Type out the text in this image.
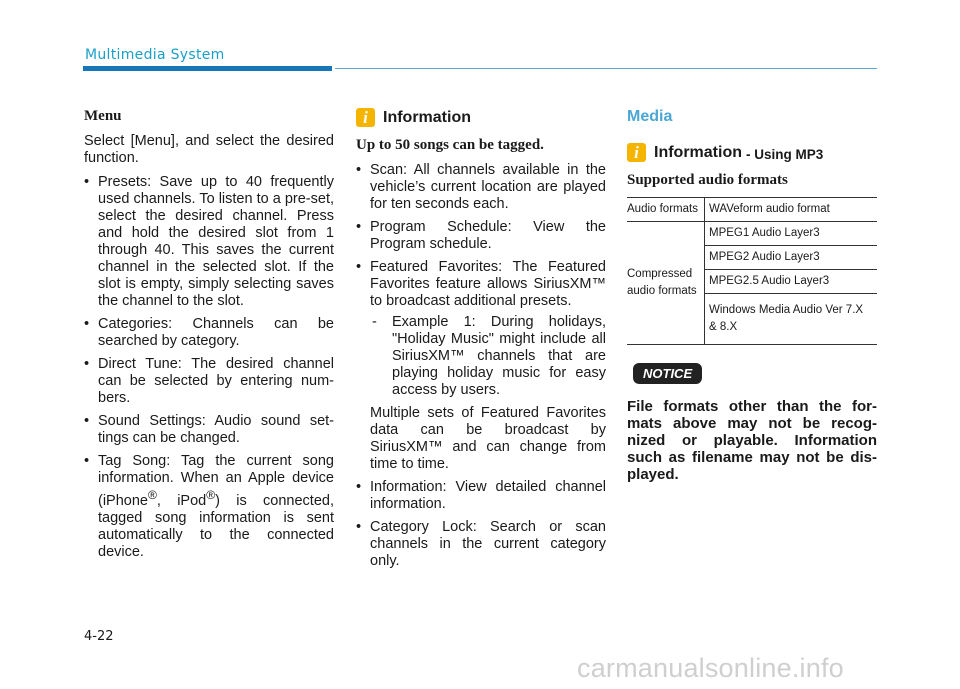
Multimedia System
Menu
Select [Menu], and select the desired function.
• Presets: Save up to 40 frequently used channels. To listen to a pre-set, select the desired channel. Press and hold the desired slot from 1 through 40. This saves the current channel in the selected slot. If the slot is empty, simply selecting saves the channel to the slot.
• Categories: Channels can be searched by category.
• Direct Tune: The desired channel can be selected by entering num-bers.
• Sound Settings: Audio sound set-tings can be changed.
• Tag Song: Tag the current song information. When an Apple device (iPhone®, iPod®) is connected, tagged song information is sent automatically to the connected device.
i Information
Up to 50 songs can be tagged.
• Scan: All channels available in the vehicle’s current location are played for ten seconds each.
• Program Schedule: View the Program schedule.
• Featured Favorites: The Featured Favorites feature allows SiriusXM™ to broadcast additional presets.
- Example 1: During holidays, "Holiday Music" might include all SiriusXM™ channels that are playing holiday music for easy access by users.
Multiple sets of Featured Favorites data can be broadcast by SiriusXM™ and can change from time to time.
• Information: View detailed channel information.
• Category Lock: Search or scan channels in the current category only.
Media
i Information - Using MP3
Supported audio formats
Audio formats	WAVeform audio format
Compressed audio formats	MPEG1 Audio Layer3
	MPEG2 Audio Layer3
	MPEG2.5 Audio Layer3
	Windows Media Audio Ver 7.X & 8.X
NOTICE
File formats other than the for-mats above may not be recog-nized or playable. Information such as filename may not be dis-played.
4-22
carmanualsonline.info
